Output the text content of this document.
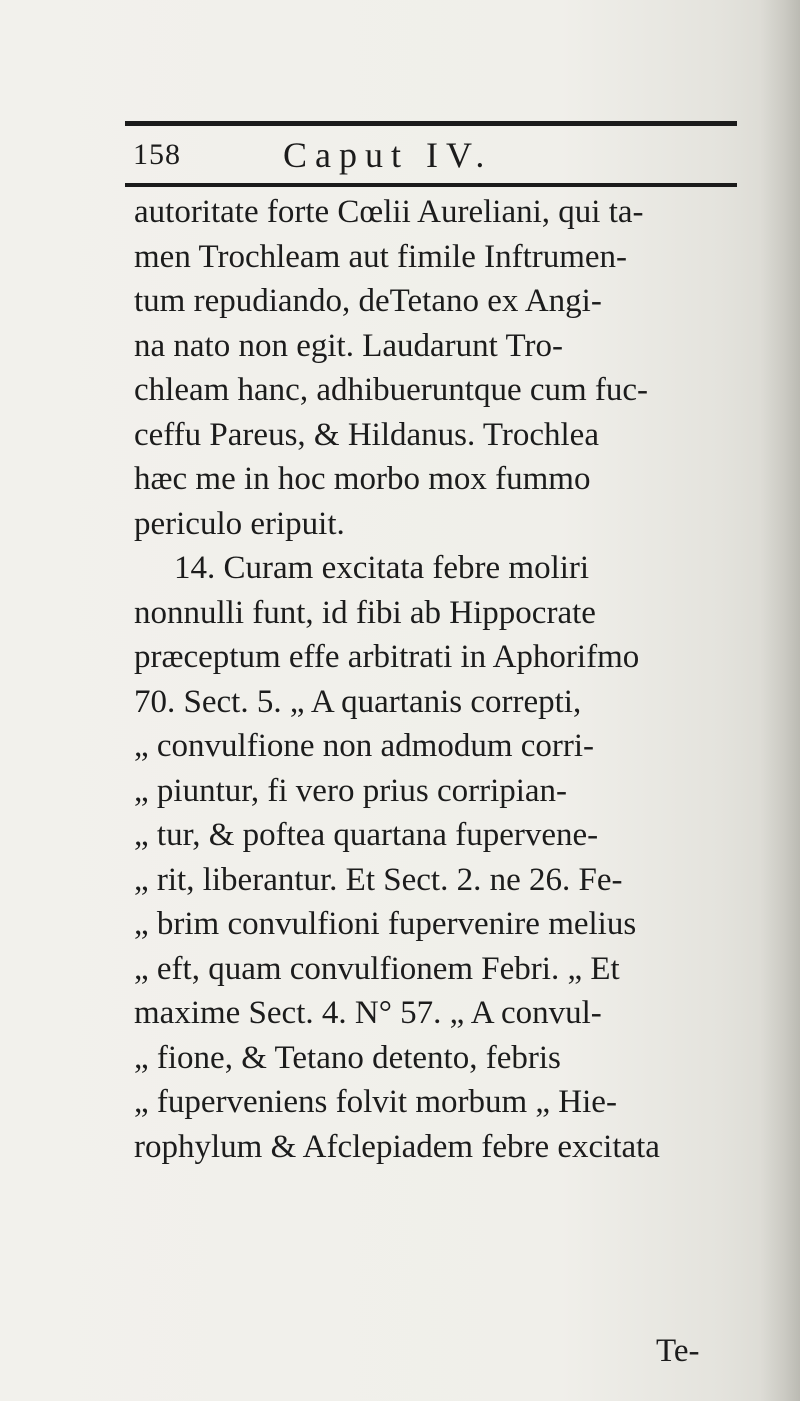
158	Caput IV.
autoritate forte Cœlii Aureliani, qui ta-
men Trochleam aut fimile Inftrumen-
tum repudiando, deTetano ex Angi-
na nato non egit. Laudarunt Tro-
chleam hanc, adhibueruntque cum fuc-
ceffu Pareus, & Hildanus. Trochlea
hæc me in hoc morbo mox fummo
periculo eripuit.
14. Curam excitata febre moliri
nonnulli funt, id fibi ab Hippocrate
præceptum effe arbitrati in Aphorifmo
70. Sect. 5. „ A quartanis correpti,
„ convulfione non admodum corri-
„ piuntur, fi vero prius corripian-
„ tur, & poftea quartana fupervene-
„ rit, liberantur. Et Sect. 2. ne 26. Fe-
„ brim convulfioni fupervenire melius
„ eft, quam convulfionem Febri. „ Et
maxime Sect. 4. N° 57. „ A convul-
„ fione, & Tetano detento, febris
„ fuperveniens folvit morbum „ Hie-
rophylum & Afclepiadem febre excitata
Te-
